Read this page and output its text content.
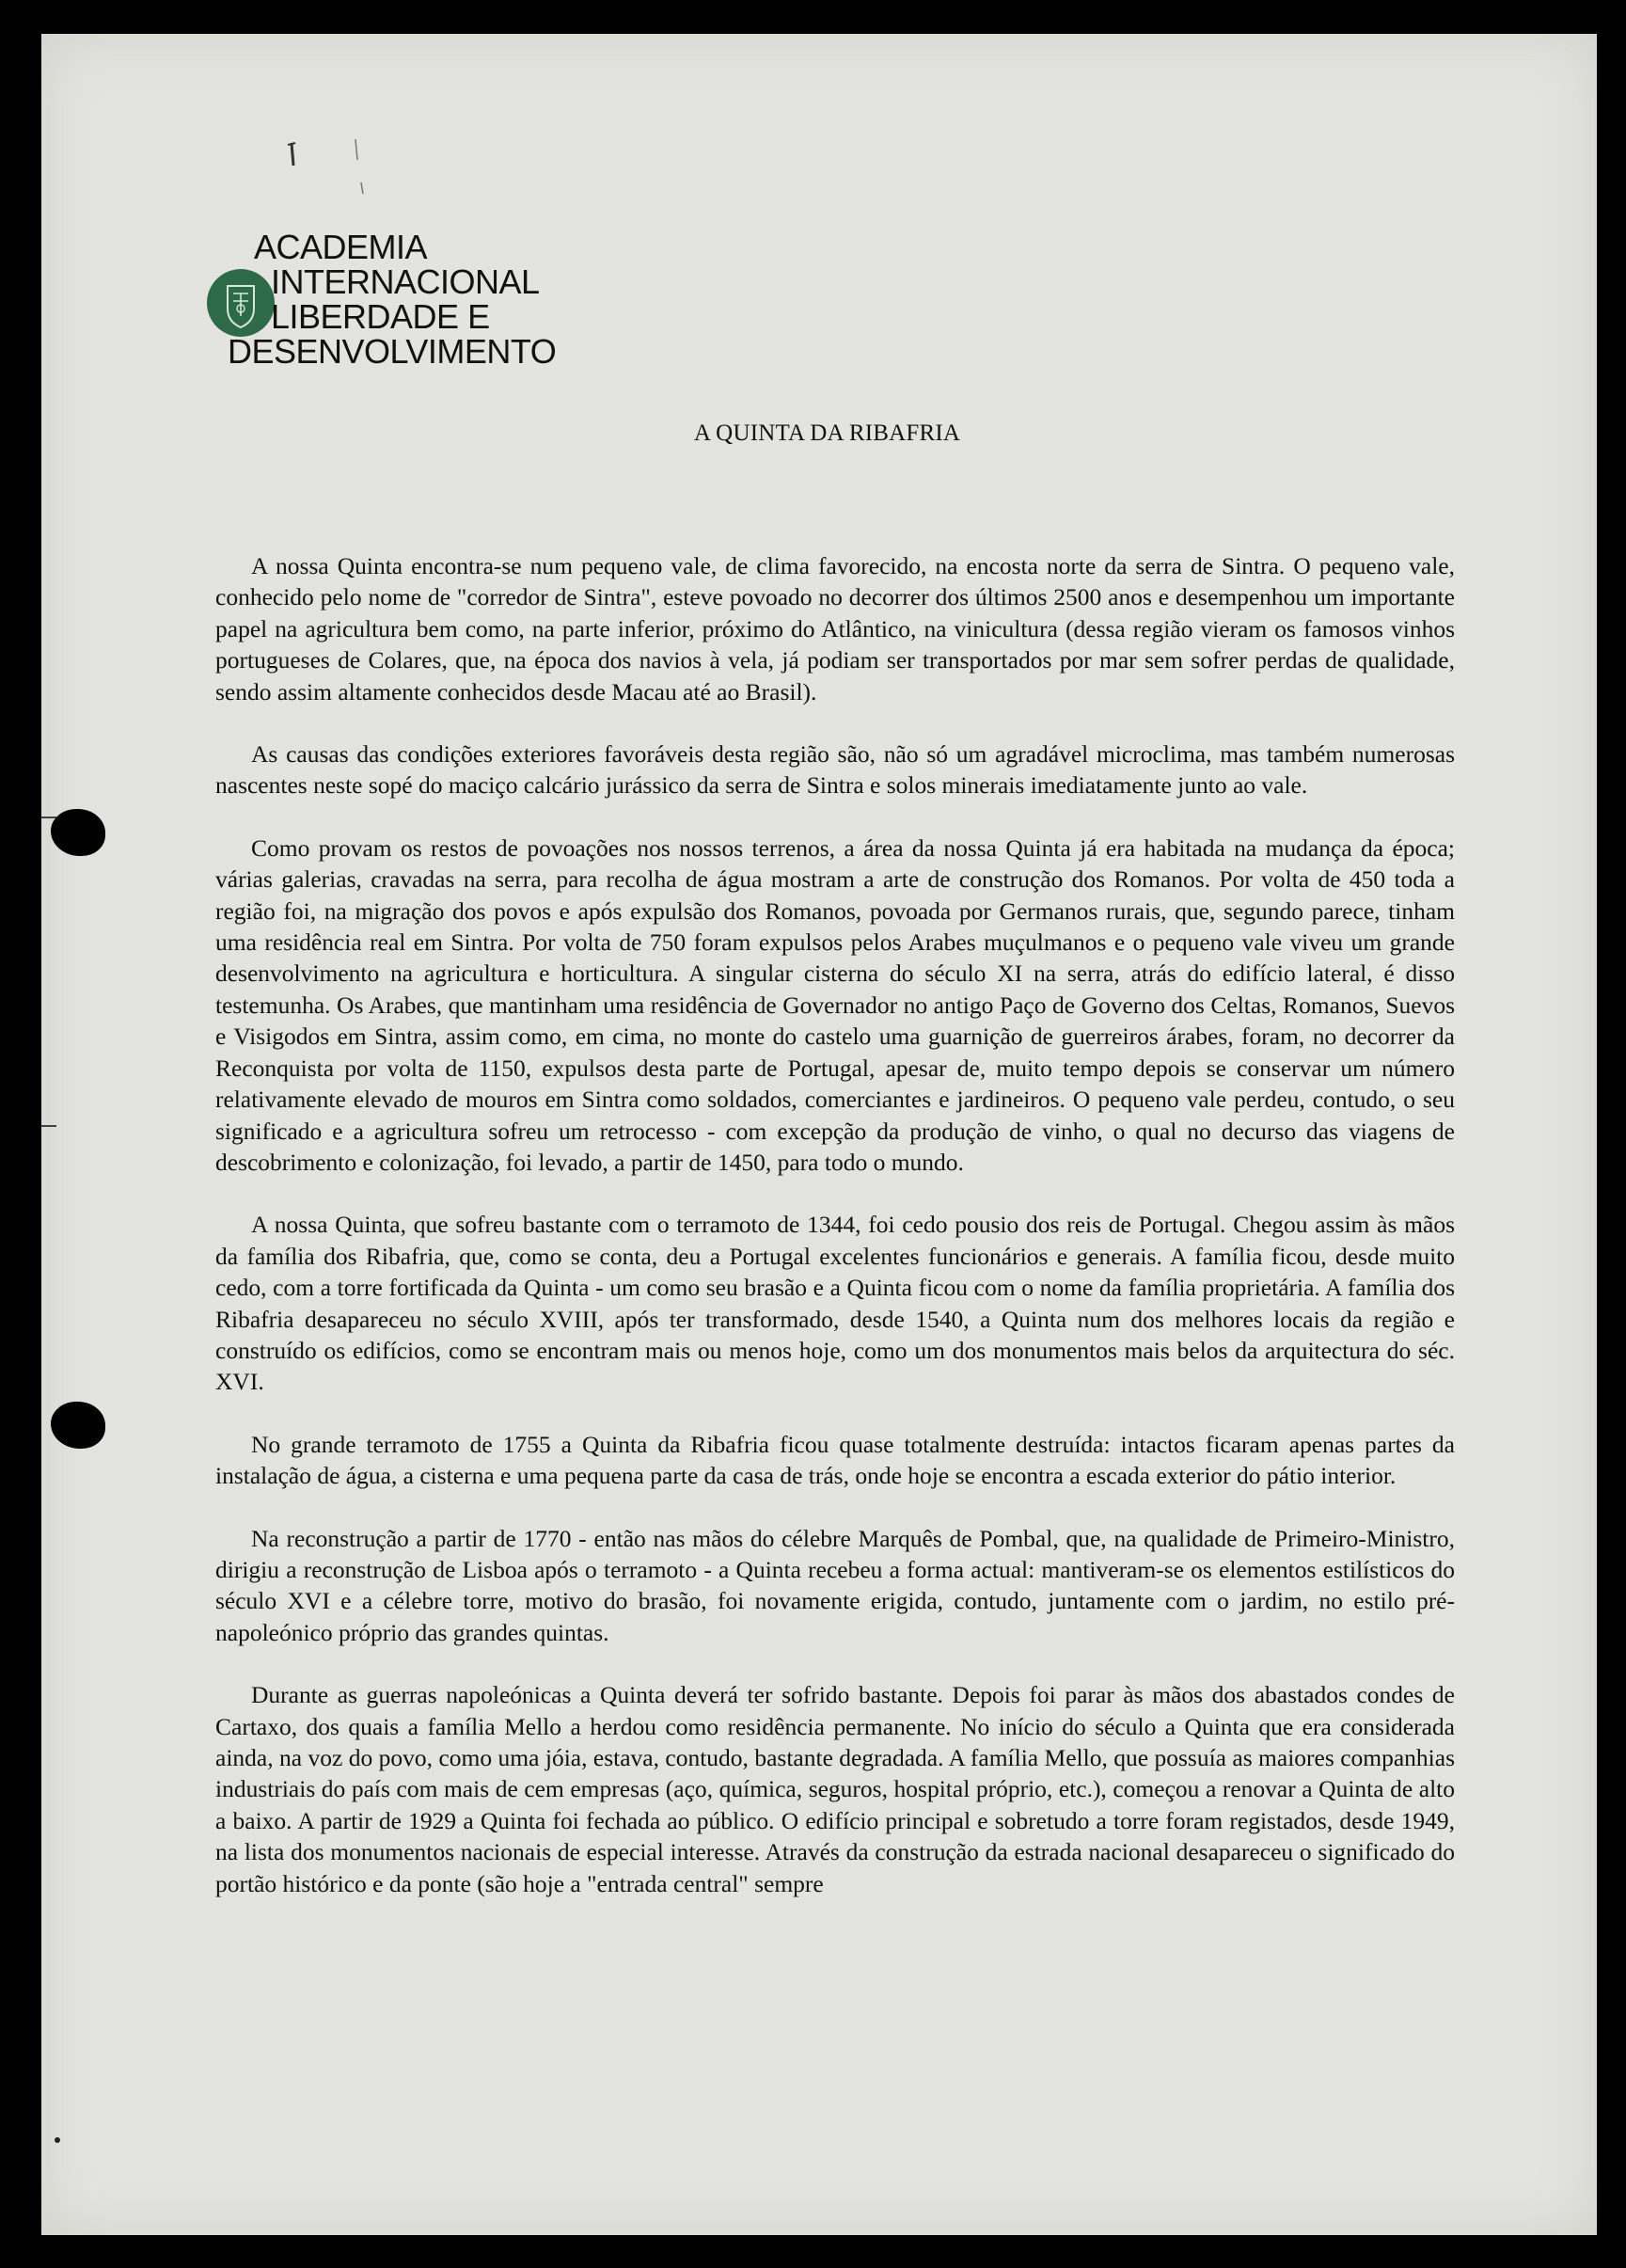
ACADEMIA
INTERNACIONAL
LIBERDADE E
DESENVOLVIMENTO
A QUINTA DA RIBAFRIA

A nossa Quinta encontra-se num pequeno vale, de clima favorecido, na encosta norte da serra de Sintra. O pequeno vale, conhecido pelo nome de "corredor de Sintra", esteve povoado no decorrer dos últimos 2500 anos e desempenhou um importante papel na agricultura bem como, na parte inferior, próximo do Atlântico, na vinicultura (dessa região vieram os famosos vinhos portugueses de Colares, que, na época dos navios à vela, já podiam ser transportados por mar sem sofrer perdas de qualidade, sendo assim altamente conhecidos desde Macau até ao Brasil).

As causas das condições exteriores favoráveis desta região são, não só um agradável microclima, mas também numerosas nascentes neste sopé do maciço calcário jurássico da serra de Sintra e solos minerais imediatamente junto ao vale.

Como provam os restos de povoações nos nossos terrenos, a área da nossa Quinta já era habitada na mudança da época; várias galerias, cravadas na serra, para recolha de água mostram a arte de construção dos Romanos. Por volta de 450 toda a região foi, na migração dos povos e após expulsão dos Romanos, povoada por Germanos rurais, que, segundo parece, tinham uma residência real em Sintra. Por volta de 750 foram expulsos pelos Arabes muçulmanos e o pequeno vale viveu um grande desenvolvimento na agricultura e horticultura. A singular cisterna do século XI na serra, atrás do edifício lateral, é disso testemunha. Os Arabes, que mantinham uma residência de Governador no antigo Paço de Governo dos Celtas, Romanos, Suevos e Visigodos em Sintra, assim como, em cima, no monte do castelo uma guarnição de guerreiros árabes, foram, no decorrer da Reconquista por volta de 1150, expulsos desta parte de Portugal, apesar de, muito tempo depois se conservar um número relativamente elevado de mouros em Sintra como soldados, comerciantes e jardineiros. O pequeno vale perdeu, contudo, o seu significado e a agricultura sofreu um retrocesso - com excepção da produção de vinho, o qual no decurso das viagens de descobrimento e colonização, foi levado, a partir de 1450, para todo o mundo.

A nossa Quinta, que sofreu bastante com o terramoto de 1344, foi cedo pousio dos reis de Portugal. Chegou assim às mãos da família dos Ribafria, que, como se conta, deu a Portugal excelentes funcionários e generais. A família ficou, desde muito cedo, com a torre fortificada da Quinta - um como seu brasão e a Quinta ficou com o nome da família proprietária. A família dos Ribafria desapareceu no século XVIII, após ter transformado, desde 1540, a Quinta num dos melhores locais da região e construído os edifícios, como se encontram mais ou menos hoje, como um dos monumentos mais belos da arquitectura do séc. XVI.

No grande terramoto de 1755 a Quinta da Ribafria ficou quase totalmente destruída: intactos ficaram apenas partes da instalação de água, a cisterna e uma pequena parte da casa de trás, onde hoje se encontra a escada exterior do pátio interior.

Na reconstrução a partir de 1770 - então nas mãos do célebre Marquês de Pombal, que, na qualidade de Primeiro-Ministro, dirigiu a reconstrução de Lisboa após o terramoto - a Quinta recebeu a forma actual: mantiveram-se os elementos estilísticos do século XVI e a célebre torre, motivo do brasão, foi novamente erigida, contudo, juntamente com o jardim, no estilo pré-napoleónico próprio das grandes quintas.

Durante as guerras napoleónicas a Quinta deverá ter sofrido bastante. Depois foi parar às mãos dos abastados condes de Cartaxo, dos quais a família Mello a herdou como residência permanente. No início do século a Quinta que era considerada ainda, na voz do povo, como uma jóia, estava, contudo, bastante degradada. A família Mello, que possuía as maiores companhias industriais do país com mais de cem empresas (aço, química, seguros, hospital próprio, etc.), começou a renovar a Quinta de alto a baixo. A partir de 1929 a Quinta foi fechada ao público. O edifício principal e sobretudo a torre foram registados, desde 1949, na lista dos monumentos nacionais de especial interesse. Através da construção da estrada nacional desapareceu o significado do portão histórico e da ponte (são hoje a "entrada central" sempre
